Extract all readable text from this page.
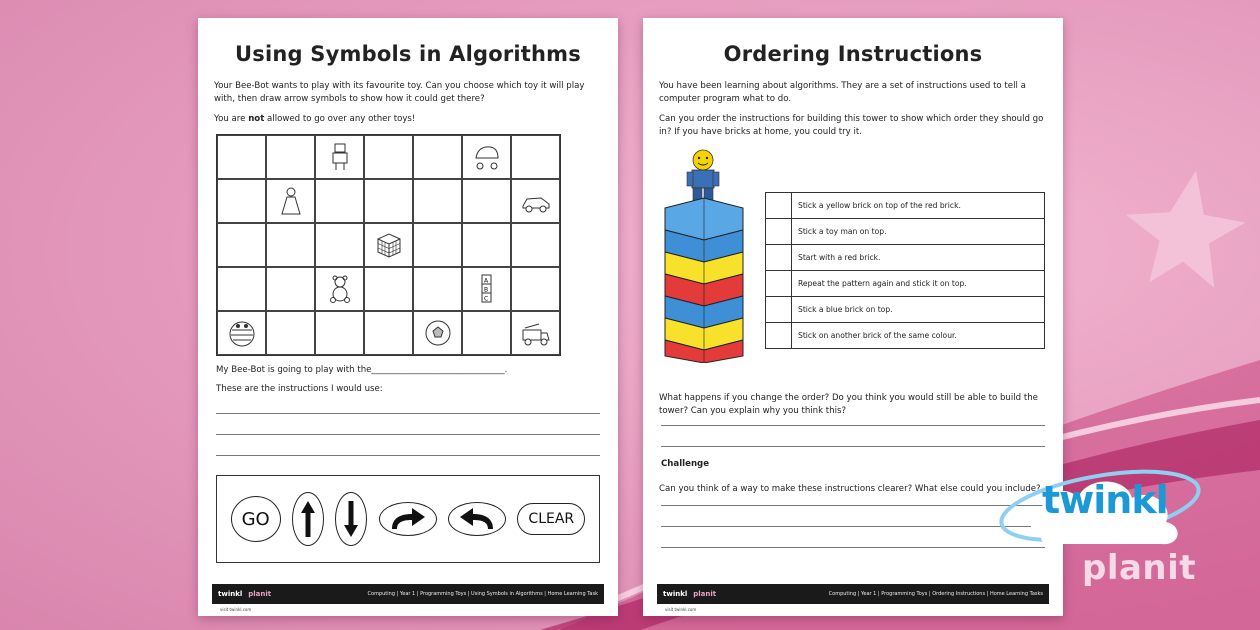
Using Symbols in Algorithms
Your Bee-Bot wants to play with its favourite toy. Can you choose which toy it will play with, then draw arrow symbols to show how it could get there?
You are not allowed to go over any other toys!
A
B
C
My Bee-Bot is going to play with the_______________________________.
These are the instructions I would use:
GO	CLEAR
twinkl planit	Computing | Year 1 | Programming Toys | Using Symbols in Algorithms | Home Learning Task
visit twinkl.com
Ordering Instructions
You have been learning about algorithms. They are a set of instructions used to tell a computer program what to do.
Can you order the instructions for building this tower to show which order they should go in? If you have bricks at home, you could try it.
	Stick a yellow brick on top of the red brick.
	Stick a toy man on top.
	Start with a red brick.
	Repeat the pattern again and stick it on top.
	Stick a blue brick on top.
	Stick on another brick of the same colour.
What happens if you change the order? Do you think you would still be able to build the tower? Can you explain why you think this?
Challenge
Can you think of a way to make these instructions clearer? What else could you include?
twinkl planit	Computing | Year 1 | Programming Toys | Ordering Instructions | Home Learning Tasks
visit twinkl.com
twinkl
planit
